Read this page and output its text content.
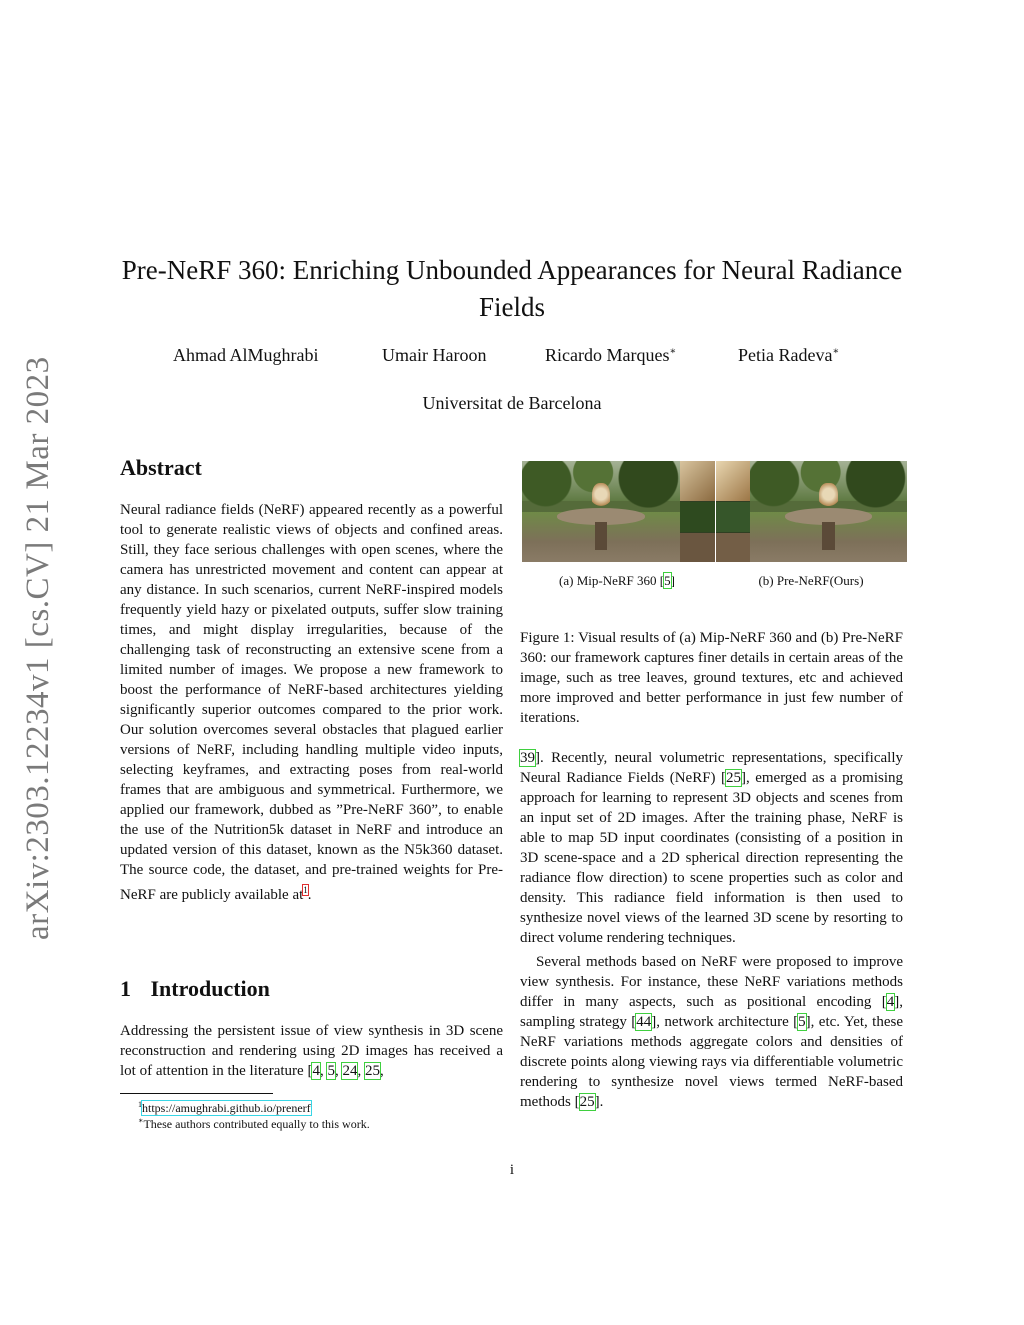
arXiv:2303.12234v1 [cs.CV] 21 Mar 2023
Pre-NeRF 360: Enriching Unbounded Appearances for Neural Radiance Fields
Ahmad AlMughrabi	Umair Haroon	Ricardo Marques∗	Petia Radeva∗
Universitat de Barcelona
Abstract

Neural radiance fields (NeRF) appeared recently as a powerful tool to generate realistic views of objects and confined areas. Still, they face serious challenges with open scenes, where the camera has unrestricted movement and content can appear at any distance. In such scenarios, current NeRF-inspired models frequently yield hazy or pixelated outputs, suffer slow training times, and might display irregularities, because of the challenging task of reconstructing an extensive scene from a limited number of images. We propose a new framework to boost the performance of NeRF-based architectures yielding significantly superior outcomes compared to the prior work. Our solution overcomes several obstacles that plagued earlier versions of NeRF, including handling multiple video inputs, selecting keyframes, and extracting poses from real-world frames that are ambiguous and symmetrical. Furthermore, we applied our framework, dubbed as ”Pre-NeRF 360”, to enable the use of the Nutrition5k dataset in NeRF and introduce an updated version of this dataset, known as the N5k360 dataset. The source code, the dataset, and pre-trained weights for Pre-NeRF are publicly available at$^1$.

1 Introduction

Addressing the persistent issue of view synthesis in 3D scene reconstruction and rendering using 2D images has received a lot of attention in the literature [4, 5, 24, 25,

$^1$https://amughrabi.github.io/prenerf
∗These authors contributed equally to this work.
(a) Mip-NeRF 360 [5]	(b) Pre-NeRF(Ours)
Figure 1: Visual results of (a) Mip-NeRF 360 and (b) Pre-NeRF 360: our framework captures finer details in certain areas of the image, such as tree leaves, ground textures, etc and achieved more improved and better performance in just few number of iterations.

39]. Recently, neural volumetric representations, specifically Neural Radiance Fields (NeRF) [25], emerged as a promising approach for learning to represent 3D objects and scenes from an input set of 2D images. After the training phase, NeRF is able to map 5D input coordinates (consisting of a position in 3D scene-space and a 2D spherical direction representing the radiance flow direction) to scene properties such as color and density. This radiance field information is then used to synthesize novel views of the learned 3D scene by resorting to direct volume rendering techniques.

Several methods based on NeRF were proposed to improve view synthesis. For instance, these NeRF variations methods differ in many aspects, such as positional encoding [4], sampling strategy [44], network architecture [5], etc. Yet, these NeRF variations methods aggregate colors and densities of discrete points along viewing rays via differentiable volumetric rendering to synthesize novel views termed NeRF-based methods [25].

i
